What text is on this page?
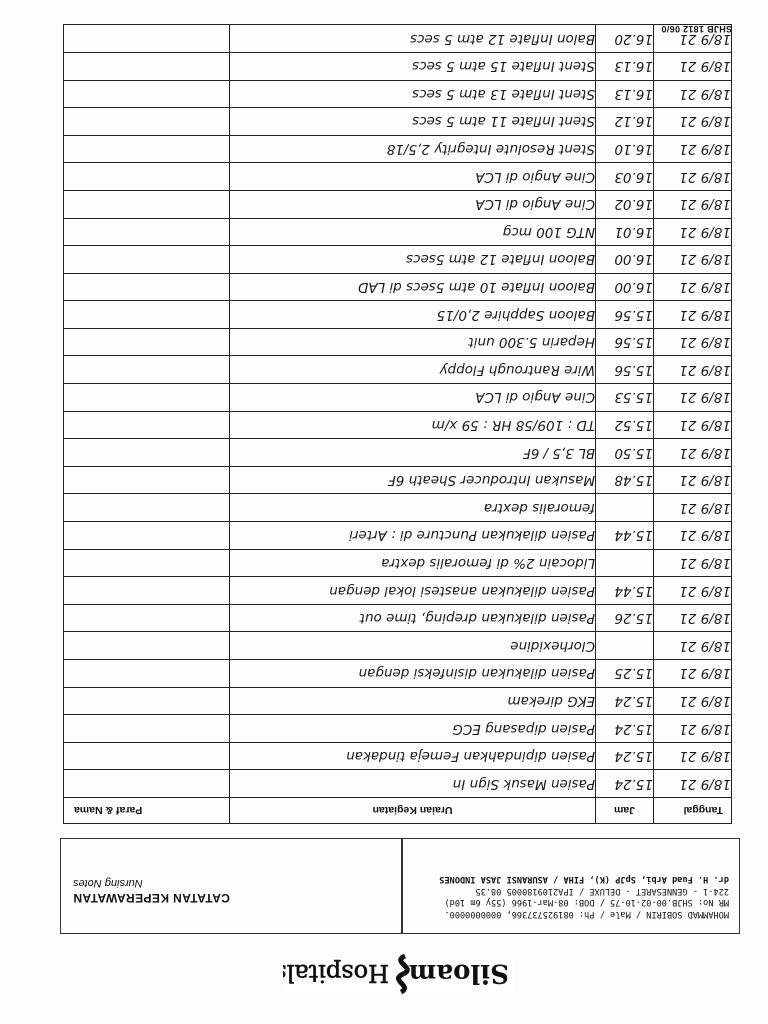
Siloam
Hospitals
MOHAMMAD SOBIRIN / Male / Ph: 081925737366, 0000000000.
MR No: SHJB.00-02-10-75 / DOB: 08-Mar-1966 (55y 6m 10d)
224-1 - GENNESARET - DELUXE / IPA2109180005 08.35
dr. H. Fuad Arbi, SpJP (K), FIHA / ASURANSI JASA INDONES
CATATAN KEPERAWATAN
Nursing Notes
Tanggal	Jam	Uraian Kegiatan	Paraf & Nama
18/9 21	15.24	Pasien Masuk Sign In	
18/9 21	15.24	Pasien dipindahkan Femeja tindakan	
18/9 21	15.24	Pasien dipasang ECG	
18/9 21	15.24	EKG direkam	
18/9 21	15.25	Pasien dilakukan disinfeksi dengan	
18/9 21		Clorhexidine	
18/9 21	15.26	Pasien dilakukan dreping, time out	
18/9 21	15.44	Pasien dilakukan anastesi lokal dengan	
18/9 21		Lidocain 2% di femoralis dextra	
18/9 21	15.44	Pasien dilakukan Puncture di : Arteri	
18/9 21		femoralis dextra	
18/9 21	15.48	Masukan Introducer Sheath 6F	
18/9 21	15.50	BL 3,5 / 6F	
18/9 21	15.52	TD : 109/58 HR : 59 x/m	
18/9 21	15.53	Cine Angio di LCA	
18/9 21	15.56	Wire Rantrough Floppy	
18/9 21	15.56	Heparin 5.300 unit	
18/9 21	15.56	Baloon Sapphire 2,0/15	
18/9 21	16.00	Baloon Inflate 10 atm 5secs di LAD	
18/9 21	16.00	Baloon Inflate 12 atm 5secs	
18/9 21	16.01	NTG 100 mcg	
18/9 21	16.02	Cine Angio di LCA	
18/9 21	16.03	Cine Angio di LCA	
18/9 21	16.10	Stent Resolute Integrity 2,5/18	
18/9 21	16.12	Stent Inflate 11 atm 5 secs	
18/9 21	16.13	Stent Inflate 13 atm 5 secs	
18/9 21	16.13	Stent Inflate 15 atm 5 secs	
18/9 21	16.20	Balon Inflate 12 atm 5 secs	
SHJB 1812 06/0
